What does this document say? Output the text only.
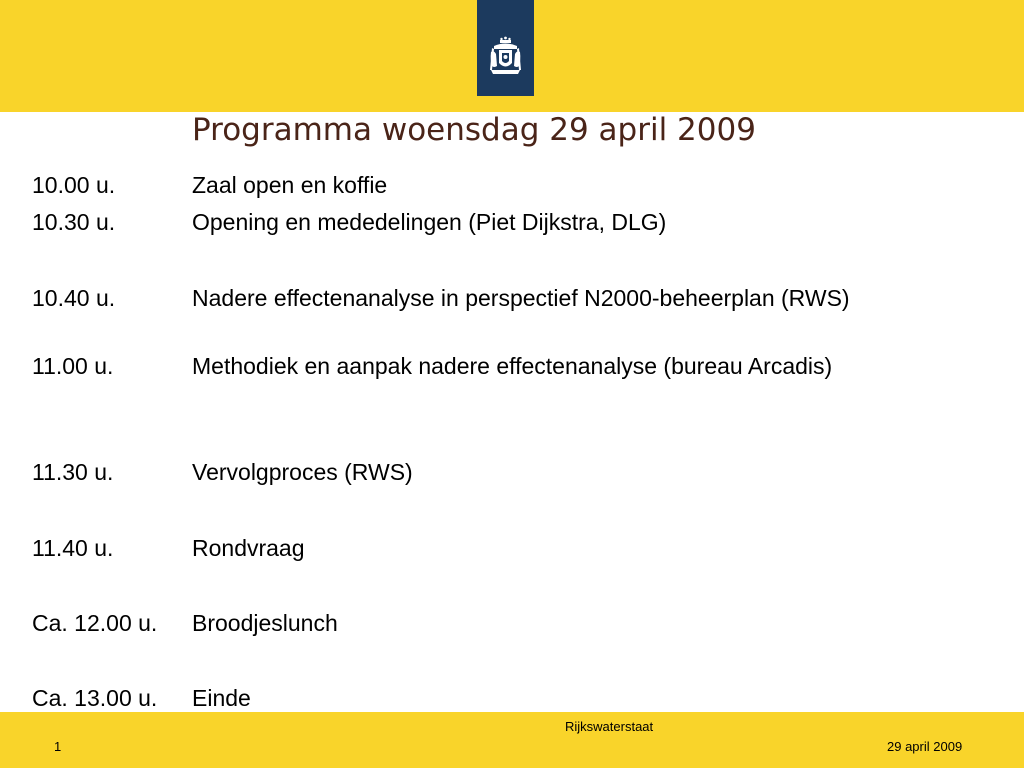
Programma woensdag 29 april 2009
10.00 u.	Zaal open en koffie
10.30 u.	Opening en mededelingen (Piet Dijkstra, DLG)
10.40 u.	Nadere effectenanalyse in perspectief N2000-beheerplan (RWS)
11.00 u.	Methodiek en aanpak nadere effectenanalyse (bureau Arcadis)
11.30 u.	Vervolgproces (RWS)
11.40 u.	Rondvraag
Ca. 12.00 u. Broodjeslunch
Ca. 13.00 u. Einde
Rijkswaterstaat
1	29 april 2009
